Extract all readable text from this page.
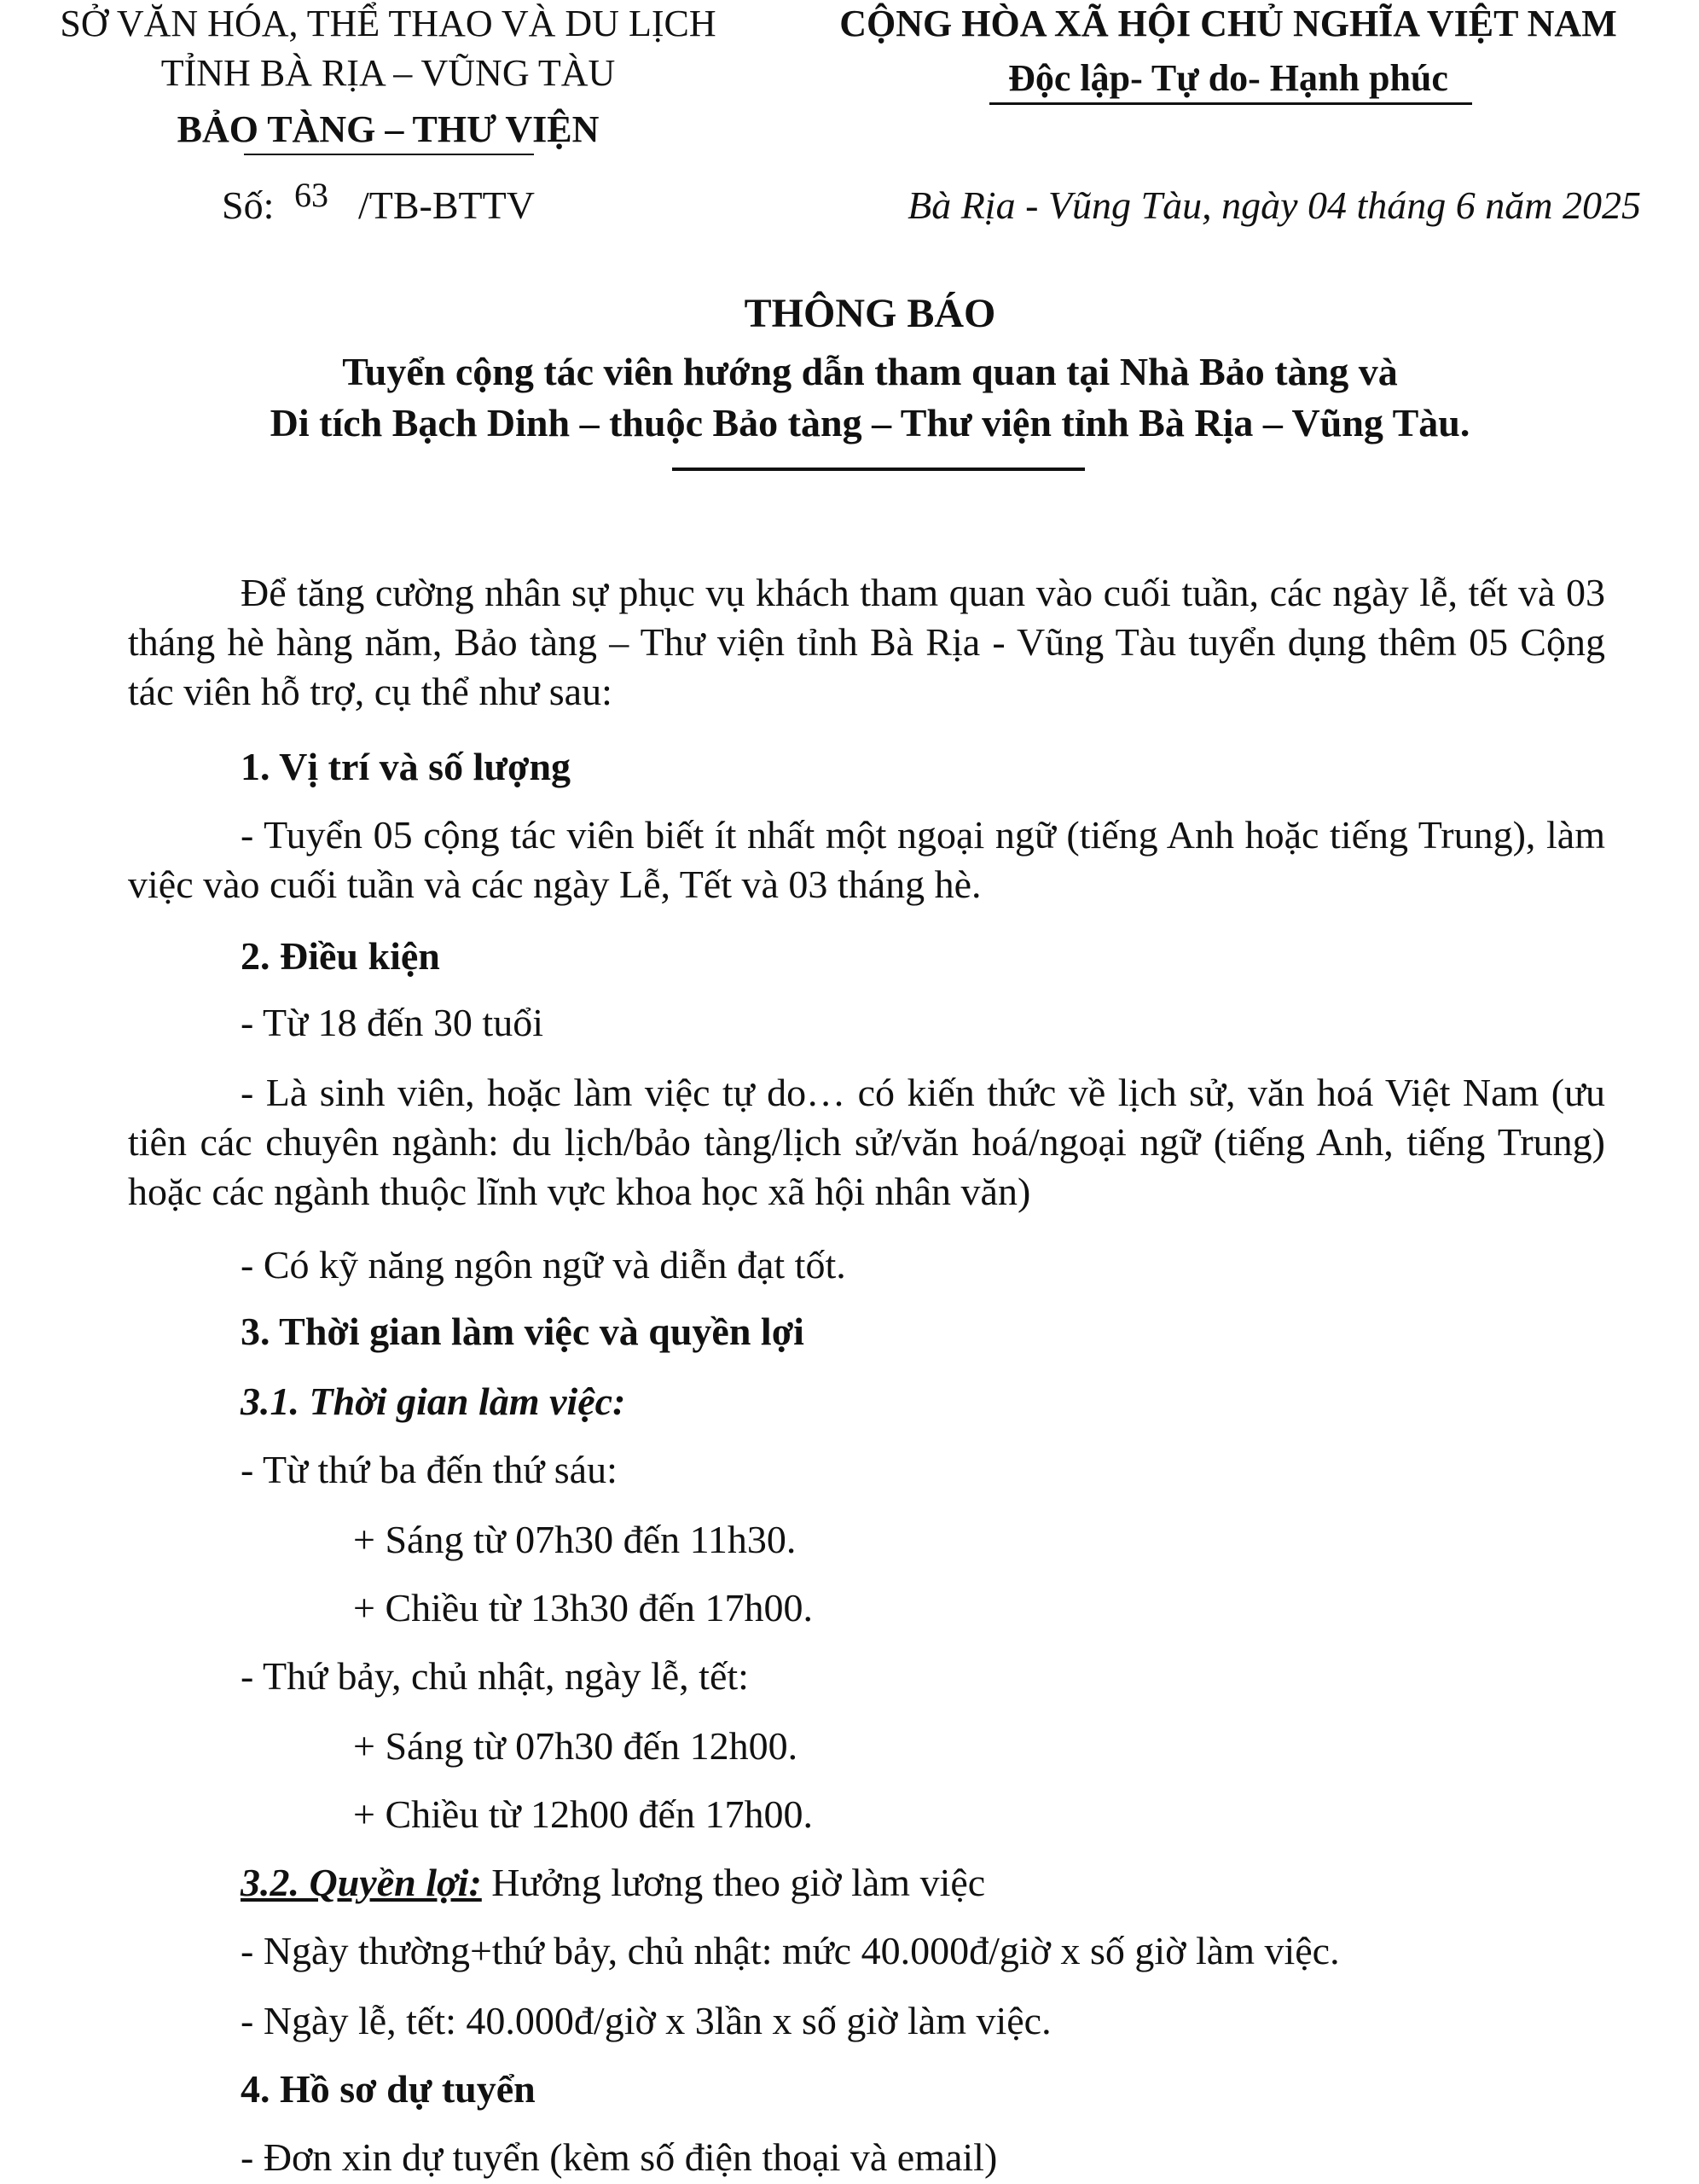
SỞ VĂN HÓA, THỂ THAO VÀ DU LỊCH
TỈNH BÀ RỊA – VŨNG TÀU
BẢO TÀNG – THƯ VIỆN
CỘNG HÒA XÃ HỘI CHỦ NGHĨA VIỆT NAM
Độc lập- Tự do- Hạnh phúc
Số: 63 /TB-BTTV	Bà Rịa - Vũng Tàu, ngày 04 tháng 6 năm 2025
THÔNG BÁO
Tuyển cộng tác viên hướng dẫn tham quan tại Nhà Bảo tàng và
Di tích Bạch Dinh – thuộc Bảo tàng – Thư viện tỉnh Bà Rịa – Vũng Tàu.
Để tăng cường nhân sự phục vụ khách tham quan vào cuối tuần, các ngày lễ, tết và 03 tháng hè hàng năm, Bảo tàng – Thư viện tỉnh Bà Rịa - Vũng Tàu tuyển dụng thêm 05 Cộng tác viên hỗ trợ, cụ thể như sau:
1. Vị trí và số lượng
- Tuyển 05 cộng tác viên biết ít nhất một ngoại ngữ (tiếng Anh hoặc tiếng Trung), làm việc vào cuối tuần và các ngày Lễ, Tết và 03 tháng hè.
2. Điều kiện
- Từ 18 đến 30 tuổi
- Là sinh viên, hoặc làm việc tự do… có kiến thức về lịch sử, văn hoá Việt Nam (ưu tiên các chuyên ngành: du lịch/bảo tàng/lịch sử/văn hoá/ngoại ngữ (tiếng Anh, tiếng Trung) hoặc các ngành thuộc lĩnh vực khoa học xã hội nhân văn)
- Có kỹ năng ngôn ngữ và diễn đạt tốt.
3. Thời gian làm việc và quyền lợi
3.1. Thời gian làm việc:
- Từ thứ ba đến thứ sáu:
+ Sáng từ 07h30 đến 11h30.
+ Chiều từ 13h30 đến 17h00.
- Thứ bảy, chủ nhật, ngày lễ, tết:
+ Sáng từ 07h30 đến 12h00.
+ Chiều từ 12h00 đến 17h00.
3.2. Quyền lợi: Hưởng lương theo giờ làm việc
- Ngày thường+thứ bảy, chủ nhật: mức 40.000đ/giờ x số giờ làm việc.
- Ngày lễ, tết: 40.000đ/giờ x 3lần x số giờ làm việc.
4. Hồ sơ dự tuyển
- Đơn xin dự tuyển (kèm số điện thoại và email)
